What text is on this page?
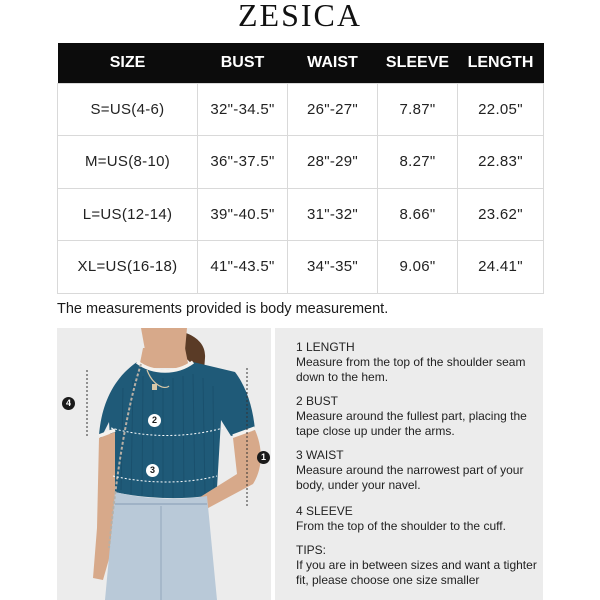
ZESICA
SIZE	BUST	WAIST	SLEEVE	LENGTH
S=US(4-6)	32"-34.5"	26"-27"	7.87"	22.05"
M=US(8-10)	36"-37.5"	28"-29"	8.27"	22.83"
L=US(12-14)	39"-40.5"	31"-32"	8.66"	23.62"
XL=US(16-18)	41"-43.5"	34"-35"	9.06"	24.41"
The measurements provided is body measurement.
4
2
3
1
1 LENGTH
Measure from the top of the shoulder seam down to the hem.
2 BUST
Measure around the fullest part, placing the tape close up under the arms.
3 WAIST
Measure around the narrowest part of your body, under your navel.
4 SLEEVE
From the top of the shoulder to the cuff.
TIPS:
If you are in between sizes and want a tighter fit, please choose one size smaller
